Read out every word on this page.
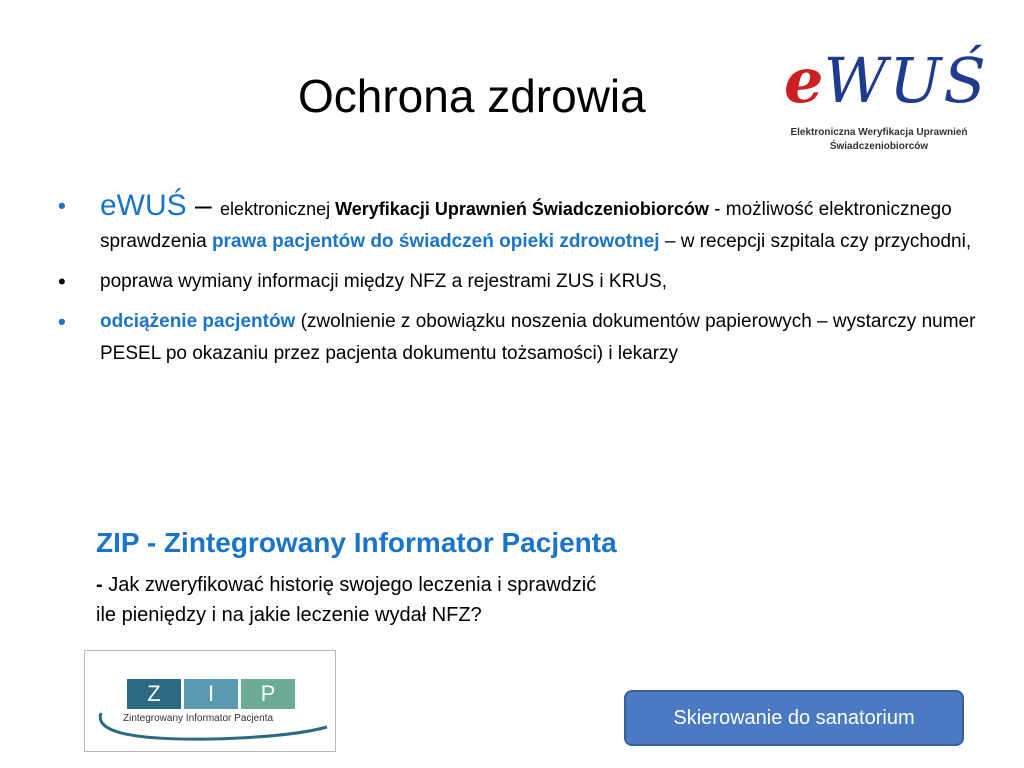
Ochrona zdrowia eWUŚ
Elektroniczna Weryfikacja Uprawnień
Świadczeniobiorców
• eWUŚ – elektronicznej Weryfikacji Uprawnień Świadczeniobiorców - możliwość elektronicznego sprawdzenia prawa pacjentów do świadczeń opieki zdrowotnej – w recepcji szpitala czy przychodni,
• poprawa wymiany informacji między NFZ a rejestrami ZUS i KRUS,
• odciążenie pacjentów (zwolnienie z obowiązku noszenia dokumentów papierowych – wystarczy numer PESEL po okazaniu przez pacjenta dokumentu tożsamości) i lekarzy
ZIP - Zintegrowany Informator Pacjenta
- Jak zweryfikować historię swojego leczenia i sprawdzić
ile pieniędzy i na jakie leczenie wydał NFZ?
Z	I	P
Zintegrowany Informator Pacjenta	Skierowanie do sanatorium
